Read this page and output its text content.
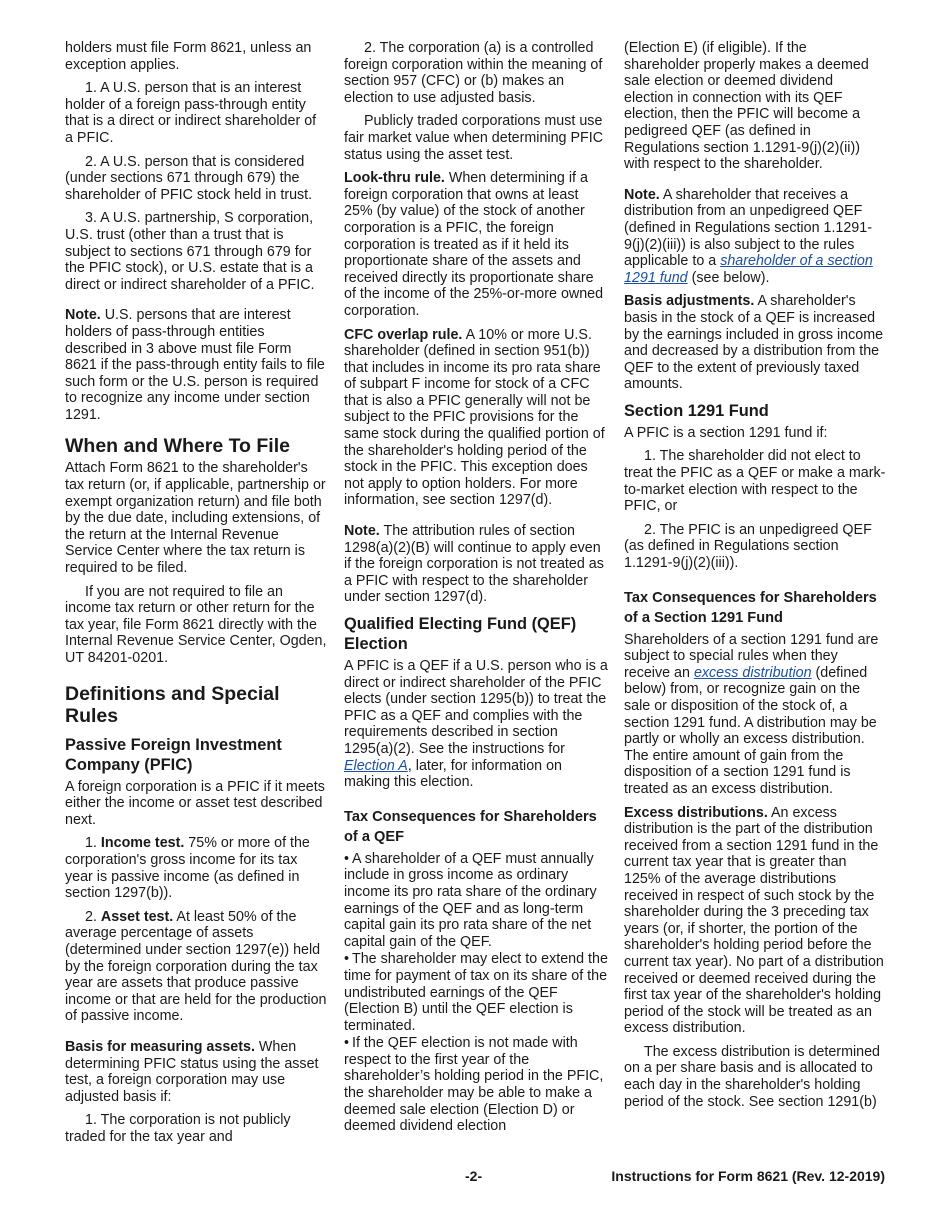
holders must file Form 8621, unless an exception applies.

1. A U.S. person that is an interest holder of a foreign pass-through entity that is a direct or indirect shareholder of a PFIC.

2. A U.S. person that is considered (under sections 671 through 679) the shareholder of PFIC stock held in trust.

3. A U.S. partnership, S corporation, U.S. trust (other than a trust that is subject to sections 671 through 679 for the PFIC stock), or U.S. estate that is a direct or indirect shareholder of a PFIC.

Note. U.S. persons that are interest holders of pass-through entities described in 3 above must file Form 8621 if the pass-through entity fails to file such form or the U.S. person is required to recognize any income under section 1291.

When and Where To File

Attach Form 8621 to the shareholder's tax return (or, if applicable, partnership or exempt organization return) and file both by the due date, including extensions, of the return at the Internal Revenue Service Center where the tax return is required to be filed.

If you are not required to file an income tax return or other return for the tax year, file Form 8621 directly with the Internal Revenue Service Center, Ogden, UT 84201-0201.

Definitions and Special Rules
Passive Foreign Investment Company (PFIC)

A foreign corporation is a PFIC if it meets either the income or asset test described next.

1. Income test. 75% or more of the corporation's gross income for its tax year is passive income (as defined in section 1297(b)).

2. Asset test. At least 50% of the average percentage of assets (determined under section 1297(e)) held by the foreign corporation during the tax year are assets that produce passive income or that are held for the production of passive income.

Basis for measuring assets. When determining PFIC status using the asset test, a foreign corporation may use adjusted basis if:

1. The corporation is not publicly traded for the tax year and

2. The corporation (a) is a controlled foreign corporation within the meaning of section 957 (CFC) or (b) makes an election to use adjusted basis.

Publicly traded corporations must use fair market value when determining PFIC status using the asset test.

Look-thru rule. When determining if a foreign corporation that owns at least 25% (by value) of the stock of another corporation is a PFIC, the foreign corporation is treated as if it held its proportionate share of the assets and received directly its proportionate share of the income of the 25%-or-more owned corporation.

CFC overlap rule. A 10% or more U.S. shareholder (defined in section 951(b)) that includes in income its pro rata share of subpart F income for stock of a CFC that is also a PFIC generally will not be subject to the PFIC provisions for the same stock during the qualified portion of the shareholder's holding period of the stock in the PFIC. This exception does not apply to option holders. For more information, see section 1297(d).

Note. The attribution rules of section 1298(a)(2)(B) will continue to apply even if the foreign corporation is not treated as a PFIC with respect to the shareholder under section 1297(d).

Qualified Electing Fund (QEF) Election

A PFIC is a QEF if a U.S. person who is a direct or indirect shareholder of the PFIC elects (under section 1295(b)) to treat the PFIC as a QEF and complies with the requirements described in section 1295(a)(2). See the instructions for Election A, later, for information on making this election.

Tax Consequences for Shareholders of a QEF

• A shareholder of a QEF must annually include in gross income as ordinary income its pro rata share of the ordinary earnings of the QEF and as long-term capital gain its pro rata share of the net capital gain of the QEF.

• The shareholder may elect to extend the time for payment of tax on its share of the undistributed earnings of the QEF (Election B) until the QEF election is terminated.

• If the QEF election is not made with respect to the first year of the shareholder’s holding period in the PFIC, the shareholder may be able to make a deemed sale election (Election D) or deemed dividend election

(Election E) (if eligible). If the shareholder properly makes a deemed sale election or deemed dividend election in connection with its QEF election, then the PFIC will become a pedigreed QEF (as defined in Regulations section 1.1291-9(j)(2)(ii)) with respect to the shareholder.

Note. A shareholder that receives a distribution from an unpedigreed QEF (defined in Regulations section 1.1291-9(j)(2)(iii)) is also subject to the rules applicable to a shareholder of a section 1291 fund (see below).

Basis adjustments. A shareholder's basis in the stock of a QEF is increased by the earnings included in gross income and decreased by a distribution from the QEF to the extent of previously taxed amounts.

Section 1291 Fund

A PFIC is a section 1291 fund if:

1. The shareholder did not elect to treat the PFIC as a QEF or make a mark-to-market election with respect to the PFIC, or

2. The PFIC is an unpedigreed QEF (as defined in Regulations section 1.1291-9(j)(2)(iii)).

Tax Consequences for Shareholders of a Section 1291 Fund

Shareholders of a section 1291 fund are subject to special rules when they receive an excess distribution (defined below) from, or recognize gain on the sale or disposition of the stock of, a section 1291 fund. A distribution may be partly or wholly an excess distribution. The entire amount of gain from the disposition of a section 1291 fund is treated as an excess distribution.

Excess distributions. An excess distribution is the part of the distribution received from a section 1291 fund in the current tax year that is greater than 125% of the average distributions received in respect of such stock by the shareholder during the 3 preceding tax years (or, if shorter, the portion of the shareholder's holding period before the current tax year). No part of a distribution received or deemed received during the first tax year of the shareholder's holding period of the stock will be treated as an excess distribution.

The excess distribution is determined on a per share basis and is allocated to each day in the shareholder's holding period of the stock. See section 1291(b)

-2-	Instructions for Form 8621 (Rev. 12-2019)
